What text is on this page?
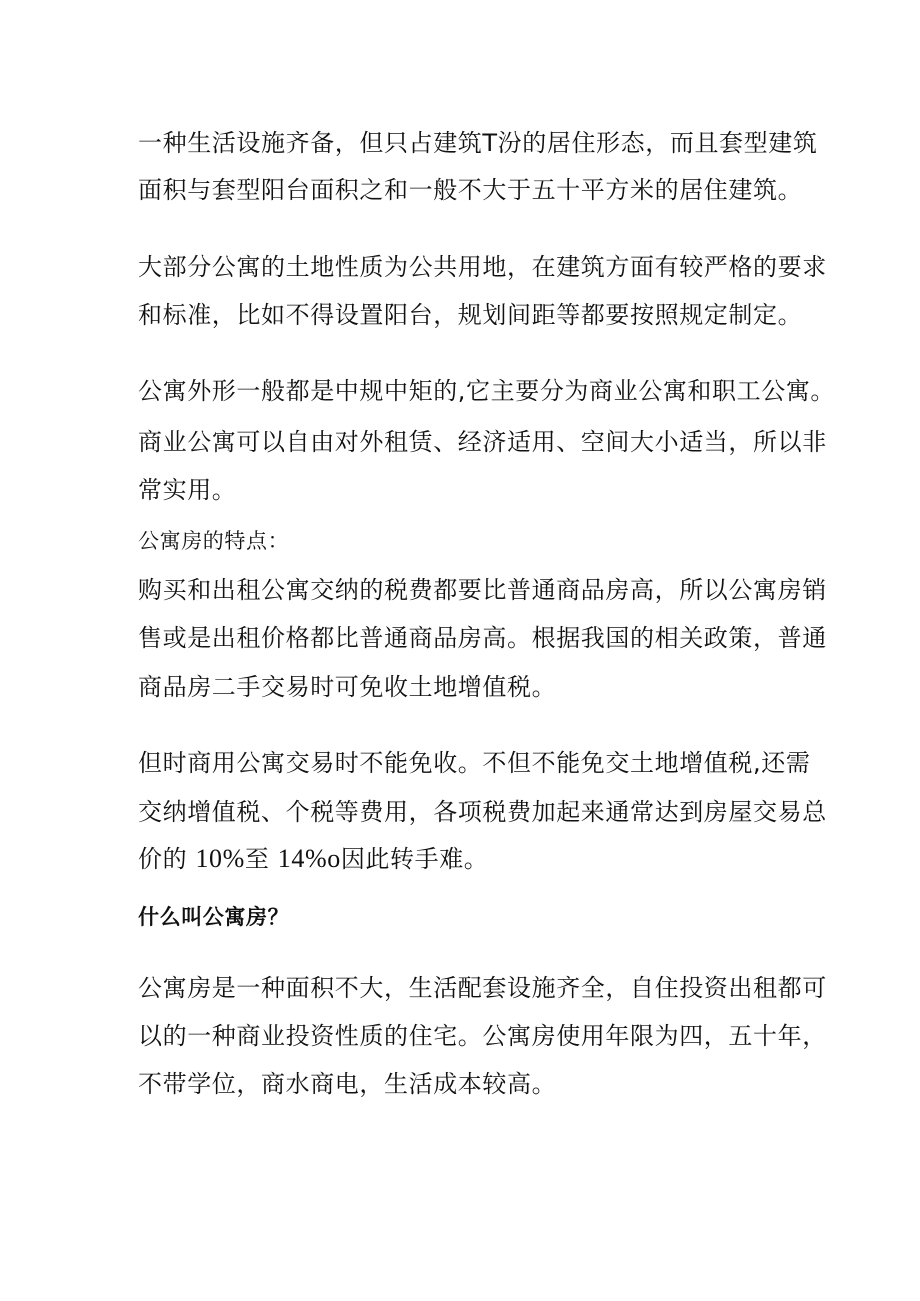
一种生活设施齐备，但只占建筑T汾的居住形态，而且套型建筑
面积与套型阳台面积之和一般不大于五十平方米的居住建筑。
大部分公寓的土地性质为公共用地，在建筑方面有较严格的要求
和标准，比如不得设置阳台，规划间距等都要按照规定制定。
公寓外形一般都是中规中矩的,它主要分为商业公寓和职工公寓。
商业公寓可以自由对外租赁、经济适用、空间大小适当，所以非
常实用。
公寓房的特点：
购买和出租公寓交纳的税费都要比普通商品房高，所以公寓房销
售或是出租价格都比普通商品房高。根据我国的相关政策，普通
商品房二手交易时可免收土地增值税。
但时商用公寓交易时不能免收。不但不能免交土地增值税,还需
交纳增值税、个税等费用，各项税费加起来通常达到房屋交易总
价的 10%至 14%o因此转手难。
什么叫公寓房？
公寓房是一种面积不大，生活配套设施齐全，自住投资出租都可
以的一种商业投资性质的住宅。公寓房使用年限为四，五十年，
不带学位，商水商电，生活成本较高。
